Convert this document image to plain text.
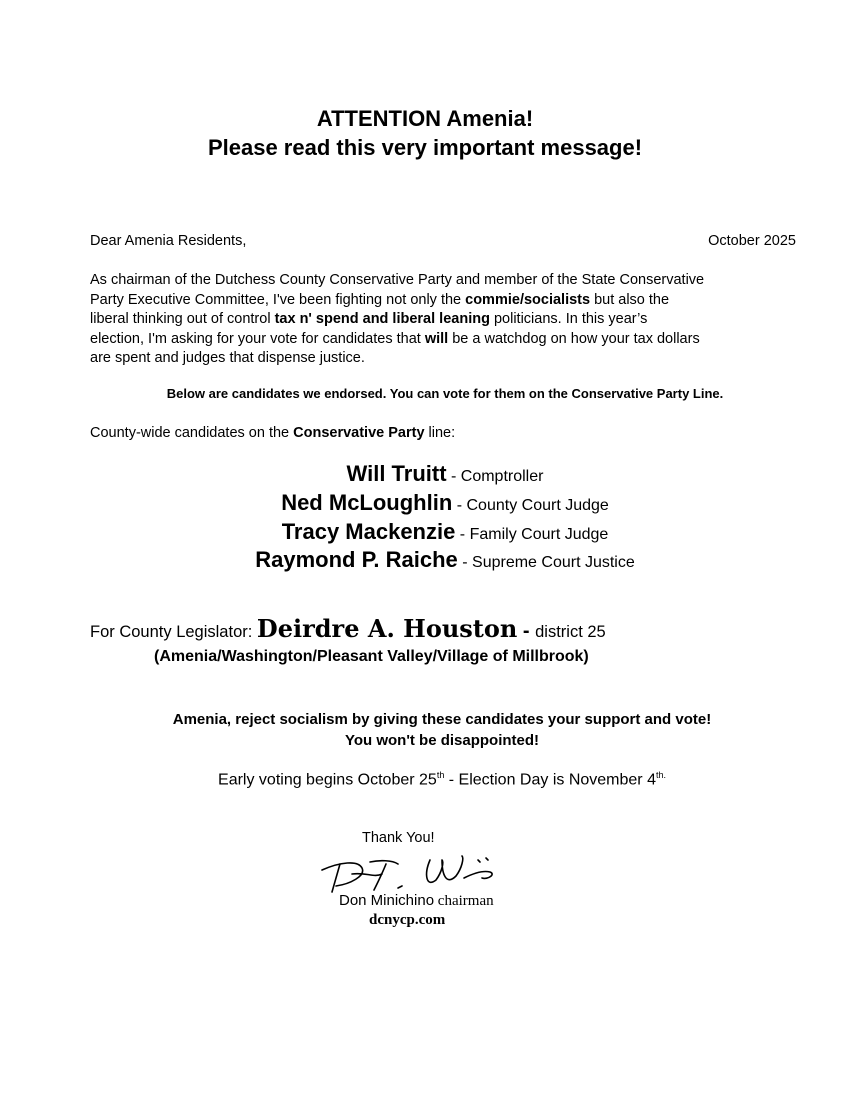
ATTENTION Amenia!
Please read this very important message!
Dear Amenia Residents,	October 2025
As chairman of the Dutchess County Conservative Party and member of the State Conservative
Party Executive Committee, I've been fighting not only the commie/socialists but also the
liberal thinking out of control tax n' spend and liberal leaning politicians. In this year’s
election, I'm asking for your vote for candidates that will be a watchdog on how your tax dollars
are spent and judges that dispense justice.
Below are candidates we endorsed. You can vote for them on the Conservative Party Line.
County-wide candidates on the Conservative Party line:
Will Truitt - Comptroller
Ned McLoughlin - County Court Judge
Tracy Mackenzie - Family Court Judge
Raymond P. Raiche - Supreme Court Justice
For County Legislator: Deirdre A. Houston - district 25
(Amenia/Washington/Pleasant Valley/Village of Millbrook)
Amenia, reject socialism by giving these candidates your support and vote!
You won't be disappointed!
Early voting begins October 25th - Election Day is November $4^{th.}$
Thank You!
Don Minichino chairman
dcnycp.com
